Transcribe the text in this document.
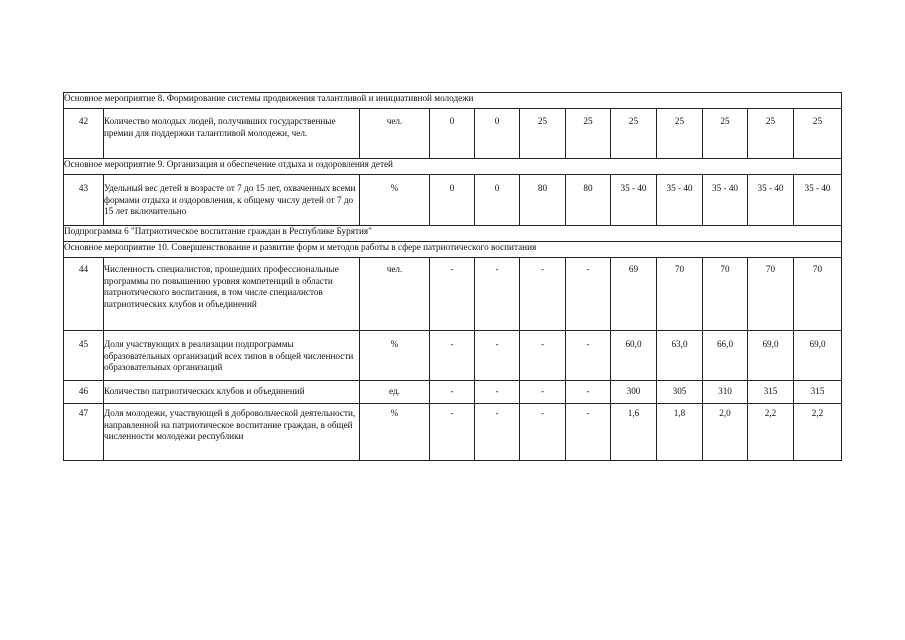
Основное мероприятие 8. Формирование системы продвижения талантливой и инициативной молодежи											
42	Количество молодых людей, получивших государственные премии для поддержки талантливой молодежи, чел.	чел.	0	0	25	25	25	25	25	25	25
Основное мероприятие 9. Организация и обеспечение отдыха и оздоровления детей											
43	Удельный вес детей в возрасте от 7 до 15 лет, охваченных всеми формами отдыха и оздоровления, к общему числу детей от 7 до 15 лет включительно	%	0	0	80	80	35 - 40	35 - 40	35 - 40	35 - 40	35 - 40
Подпрограмма 6 "Патриотическое воспитание граждан в Республике Бурятия"											
Основное мероприятие 10. Совершенствование и развитие форм и методов работы в сфере патриотического воспитания											
44	Численность специалистов, прошедших профессиональные программы по повышению уровня компетенций в области патриотического воспитания, в том числе специалистов патриотических клубов и объединений	чел.	-	-	-	-	69	70	70	70	70
45	Доля участвующих в реализации подпрограммы образовательных организаций всех типов в общей численности образовательных организаций	%	-	-	-	-	60,0	63,0	66,0	69,0	69,0
46	Количество патриотических клубов и объединений	ед.	-	-	-	-	300	305	310	315	315
47	Доля молодежи, участвующей в добровольческой деятельности, направленной на патриотическое воспитание граждан, в общей численности молодежи республики	%	-	-	-	-	1,6	1,8	2,0	2,2	2,2
